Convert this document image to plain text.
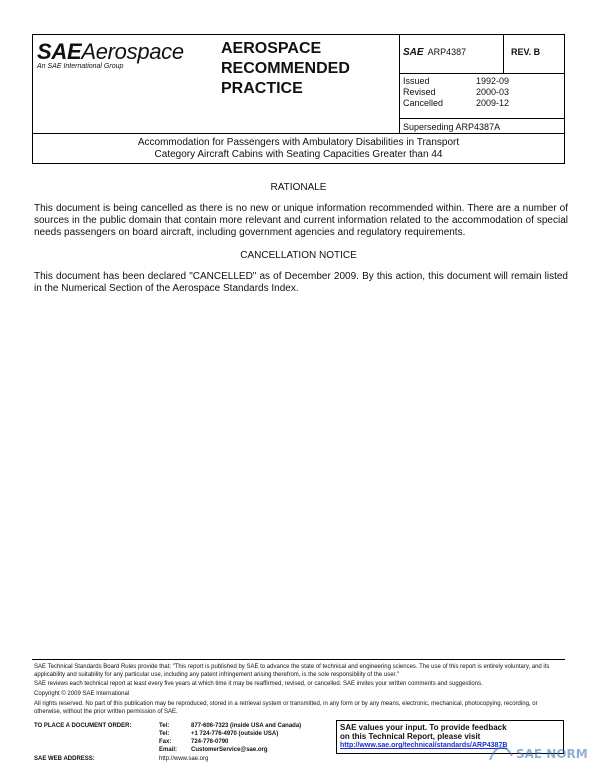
SAEAerospace
An SAE International Group
AEROSPACE
RECOMMENDED
PRACTICE
SAE ARP4387	REV. B
Issued	1992-09
Revised	2000-03
Cancelled	2009-12
Superseding ARP4387A
Accommodation for Passengers with Ambulatory Disabilities in Transport
Category Aircraft Cabins with Seating Capacities Greater than 44
RATIONALE
This document is being cancelled as there is no new or unique information recommended within. There are a number of sources in the public domain that contain more relevant and current information related to the accommodation of special needs passengers on board aircraft, including government agencies and regulatory requirements.
CANCELLATION NOTICE
This document has been declared "CANCELLED" as of December 2009. By this action, this document will remain listed in the Numerical Section of the Aerospace Standards Index.
SAE Technical Standards Board Rules provide that: "This report is published by SAE to advance the state of technical and engineering sciences. The use of this report is entirely voluntary, and its applicability and suitability for any particular use, including any patent infringement arising therefrom, is the sole responsibility of the user."
SAE reviews each technical report at least every five years at which time it may be reaffirmed, revised, or cancelled. SAE invites your written comments and suggestions.
Copyright © 2009 SAE International
All rights reserved. No part of this publication may be reproduced, stored in a retrieval system or transmitted, in any form or by any means, electronic, mechanical, photocopying, recording, or otherwise, without the prior written permission of SAE.
TO PLACE A DOCUMENT ORDER:	Tel:	877-606-7323 (inside USA and Canada)
Tel:	+1 724-776-4970 (outside USA)
Fax:	724-776-0790
Email:	CustomerService@sae.org
SAE WEB ADDRESS:	http://www.sae.org
SAE values your input. To provide feedback
on this Technical Report, please visit
http://www.sae.org/technical/standards/ARP4387B
SAE NORM
